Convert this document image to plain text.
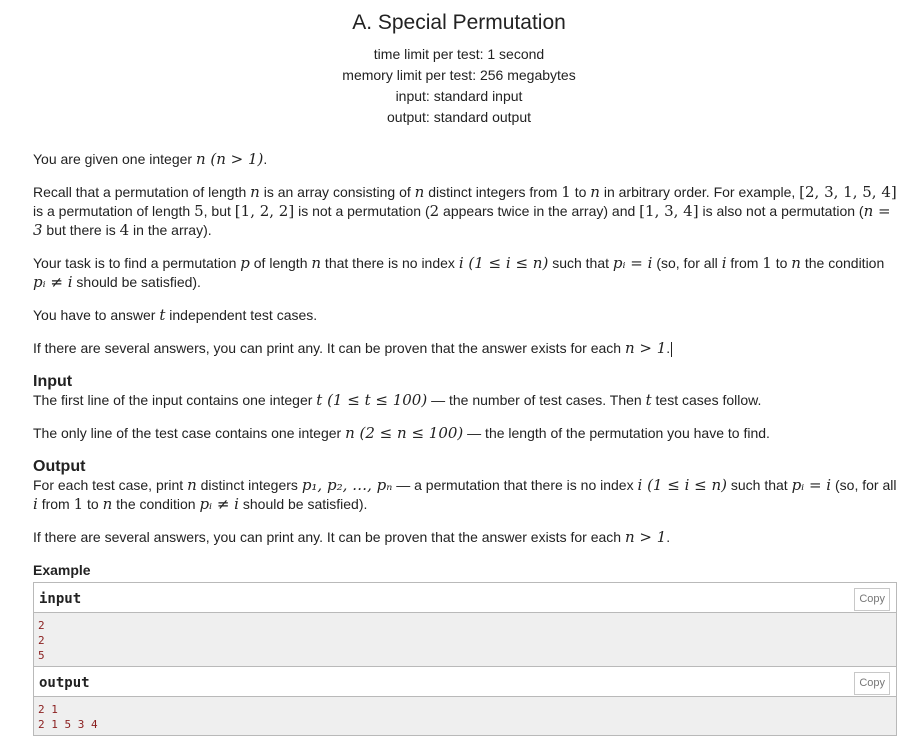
A. Special Permutation
time limit per test: 1 second
memory limit per test: 256 megabytes
input: standard input
output: standard output

You are given one integer n (n > 1).

Recall that a permutation of length n is an array consisting of n distinct integers from 1 to n in arbitrary order. For example, [2, 3, 1, 5, 4] is a permutation of length 5, but [1, 2, 2] is not a permutation (2 appears twice in the array) and [1, 3, 4] is also not a permutation (n = 3 but there is 4 in the array).

Your task is to find a permutation p of length n that there is no index i (1 ≤ i ≤ n) such that pᵢ = i (so, for all i from 1 to n the condition pᵢ ≠ i should be satisfied).

You have to answer t independent test cases.

If there are several answers, you can print any. It can be proven that the answer exists for each n > 1.

Input

The first line of the input contains one integer t (1 ≤ t ≤ 100) — the number of test cases. Then t test cases follow.

The only line of the test case contains one integer n (2 ≤ n ≤ 100) — the length of the permutation you have to find.

Output

For each test case, print n distinct integers p₁, p₂, …, pₙ — a permutation that there is no index i (1 ≤ i ≤ n) such that pᵢ = i (so, for all i from 1 to n the condition pᵢ ≠ i should be satisfied).

If there are several answers, you can print any. It can be proven that the answer exists for each n > 1.

Example
input	Copy
2
2
5
output	Copy
2 1
2 1 5 3 4
